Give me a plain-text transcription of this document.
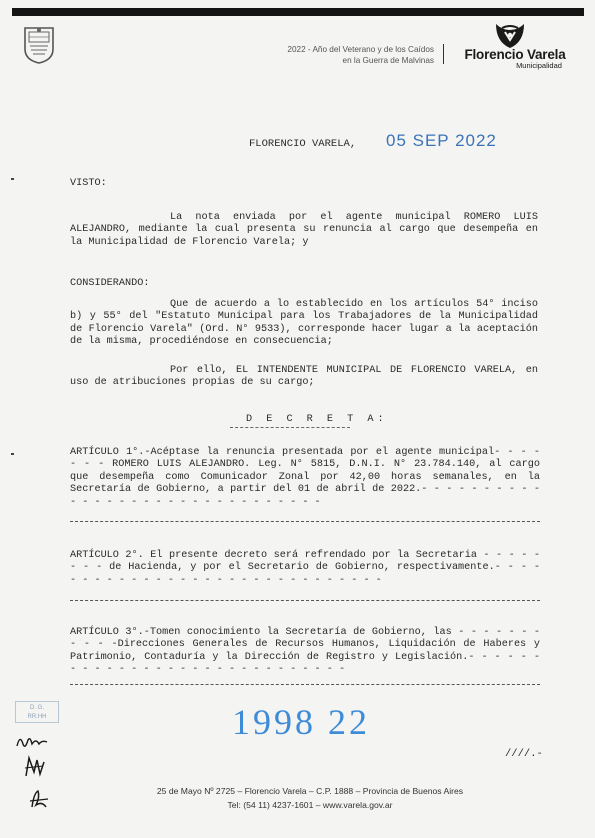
2022 - Año del Veterano y de los Caídos
en la Guerra de Malvinas	Florencio Varela
Municipalidad
FLORENCIO VARELA, 05 SEP 2022
VISTO:
La nota enviada por el agente municipal ROMERO LUIS ALEJANDRO, mediante la cual presenta su renuncia al cargo que desempeña en la Municipalidad de Florencio Varela; y
CONSIDERANDO:
Que de acuerdo a lo establecido en los artículos 54° inciso b) y 55° del "Estatuto Municipal para los Trabajadores de la Municipalidad de Florencio Varela" (Ord. N° 9533), corresponde hacer lugar a la aceptación de la misma, procediéndose en consecuencia;
Por ello, EL INTENDENTE MUNICIPAL DE FLORENCIO VARELA, en uso de atribuciones propias de su cargo;
D E C R E T A:
ARTÍCULO 1°.-Acéptase la renuncia presentada por el agente municipal- - - - - - - ROMERO LUIS ALEJANDRO. Leg. N° 5815, D.N.I. N° 23.784.140, al cargo que desempeña como Comunicador Zonal por 42,00 horas semanales, en la Secretaría de Gobierno, a partir del 01 de abril de 2022.- - - - - - - - - - - - - - - - - - - - - - - - - - - - - - -
ARTÍCULO 2°. El presente decreto será refrendado por la Secretaria - - - - - - - - de Hacienda, y por el Secretario de Gobierno, respectivamente.- - - - - - - - - - - - - - - - - - - - - - - - - - - - - -
ARTÍCULO 3°.-Tomen conocimiento la Secretaría de Gobierno, las - - - - - - - - - - -Direcciones Generales de Recursos Humanos, Liquidación de Haberes y Patrimonio, Contaduría y la Dirección de Registro y Legislación.- - - - - - - - - - - - - - - - - - - - - - - - - - - - -
D. G.
RR.HH	1998 22
////.-
25 de Mayo Nº 2725 – Florencio Varela – C.P. 1888 – Provincia de Buenos Aires
Tel: (54 11) 4237-1601 – www.varela.gov.ar
